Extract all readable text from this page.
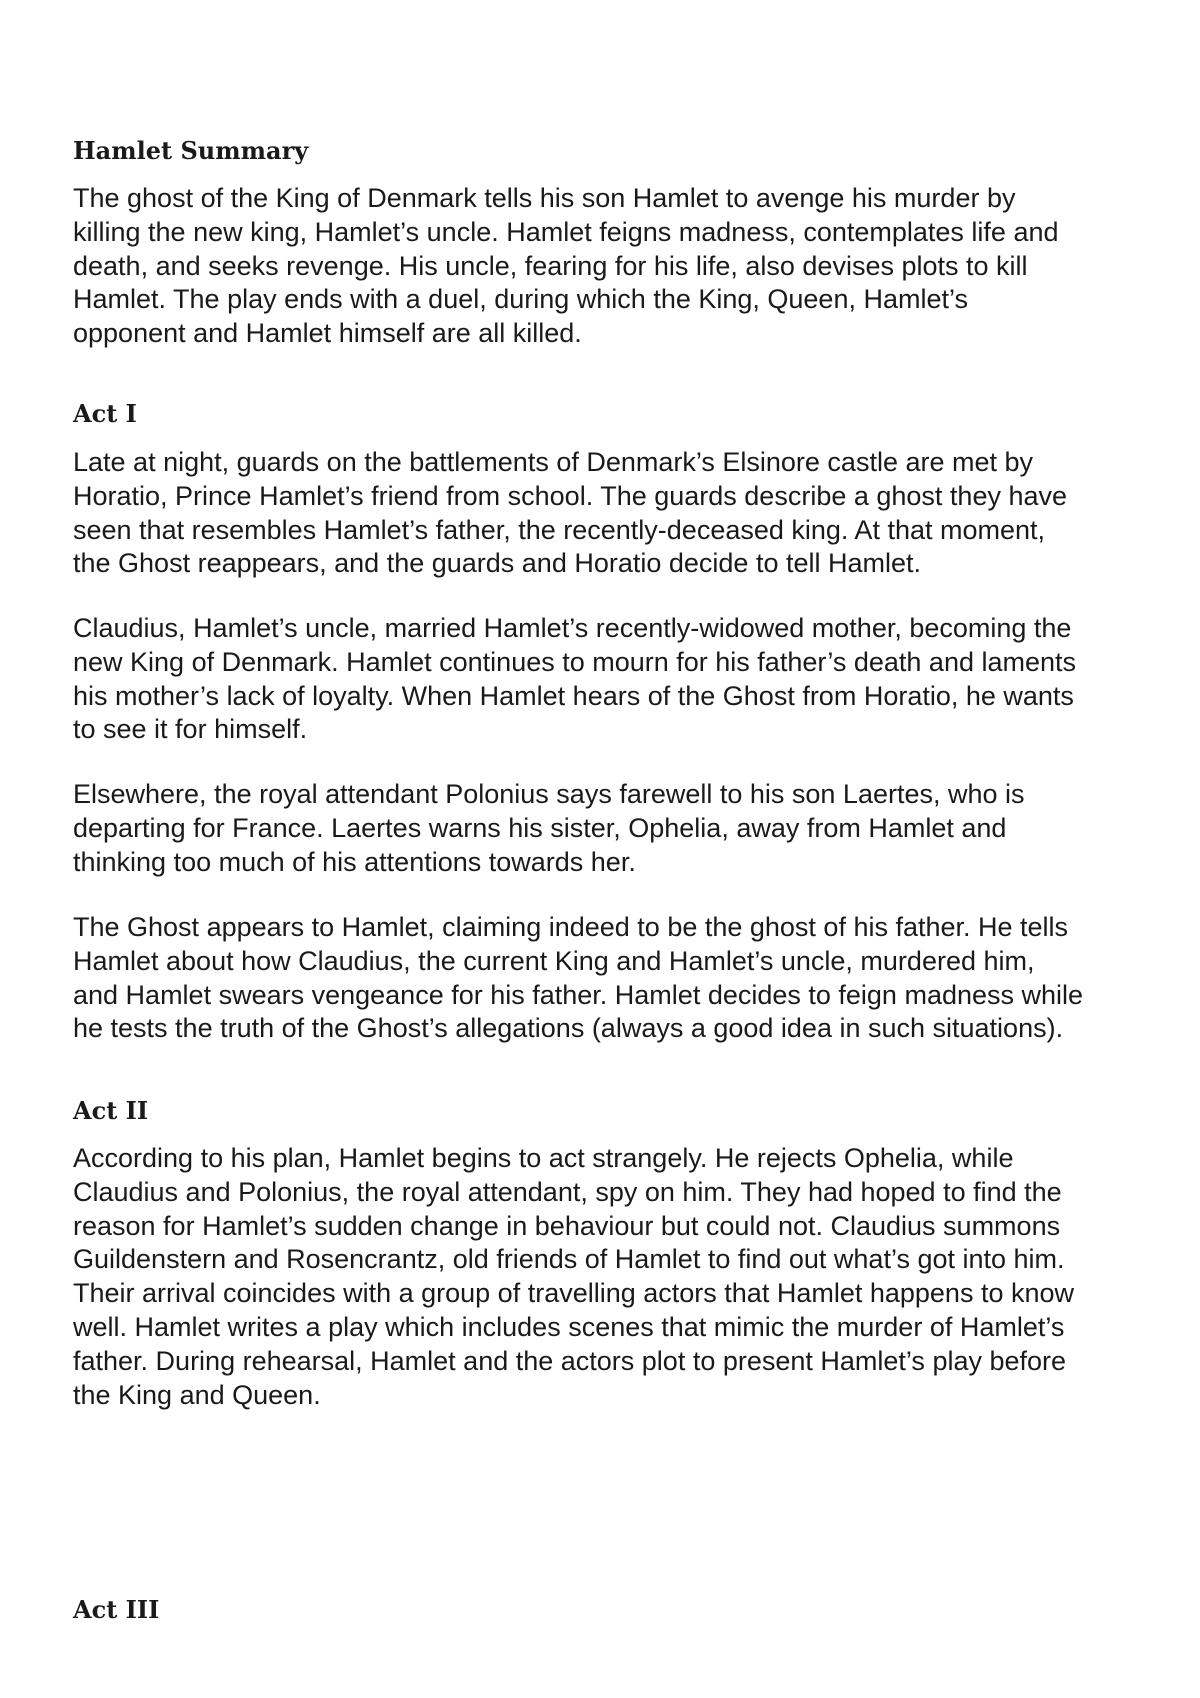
Hamlet Summary

The ghost of the King of Denmark tells his son Hamlet to avenge his murder by
killing the new king, Hamlet’s uncle. Hamlet feigns madness, contemplates life and
death, and seeks revenge. His uncle, fearing for his life, also devises plots to kill
Hamlet. The play ends with a duel, during which the King, Queen, Hamlet’s
opponent and Hamlet himself are all killed.

Act I

Late at night, guards on the battlements of Denmark’s Elsinore castle are met by
Horatio, Prince Hamlet’s friend from school. The guards describe a ghost they have
seen that resembles Hamlet’s father, the recently-deceased king. At that moment,
the Ghost reappears, and the guards and Horatio decide to tell Hamlet.

Claudius, Hamlet’s uncle, married Hamlet’s recently-widowed mother, becoming the
new King of Denmark. Hamlet continues to mourn for his father’s death and laments
his mother’s lack of loyalty. When Hamlet hears of the Ghost from Horatio, he wants
to see it for himself.

Elsewhere, the royal attendant Polonius says farewell to his son Laertes, who is
departing for France. Laertes warns his sister, Ophelia, away from Hamlet and
thinking too much of his attentions towards her.

The Ghost appears to Hamlet, claiming indeed to be the ghost of his father. He tells
Hamlet about how Claudius, the current King and Hamlet’s uncle, murdered him,
and Hamlet swears vengeance for his father. Hamlet decides to feign madness while
he tests the truth of the Ghost’s allegations (always a good idea in such situations).

Act II

According to his plan, Hamlet begins to act strangely. He rejects Ophelia, while
Claudius and Polonius, the royal attendant, spy on him. They had hoped to find the
reason for Hamlet’s sudden change in behaviour but could not. Claudius summons
Guildenstern and Rosencrantz, old friends of Hamlet to find out what’s got into him.
Their arrival coincides with a group of travelling actors that Hamlet happens to know
well. Hamlet writes a play which includes scenes that mimic the murder of Hamlet’s
father. During rehearsal, Hamlet and the actors plot to present Hamlet’s play before
the King and Queen.

Act III
